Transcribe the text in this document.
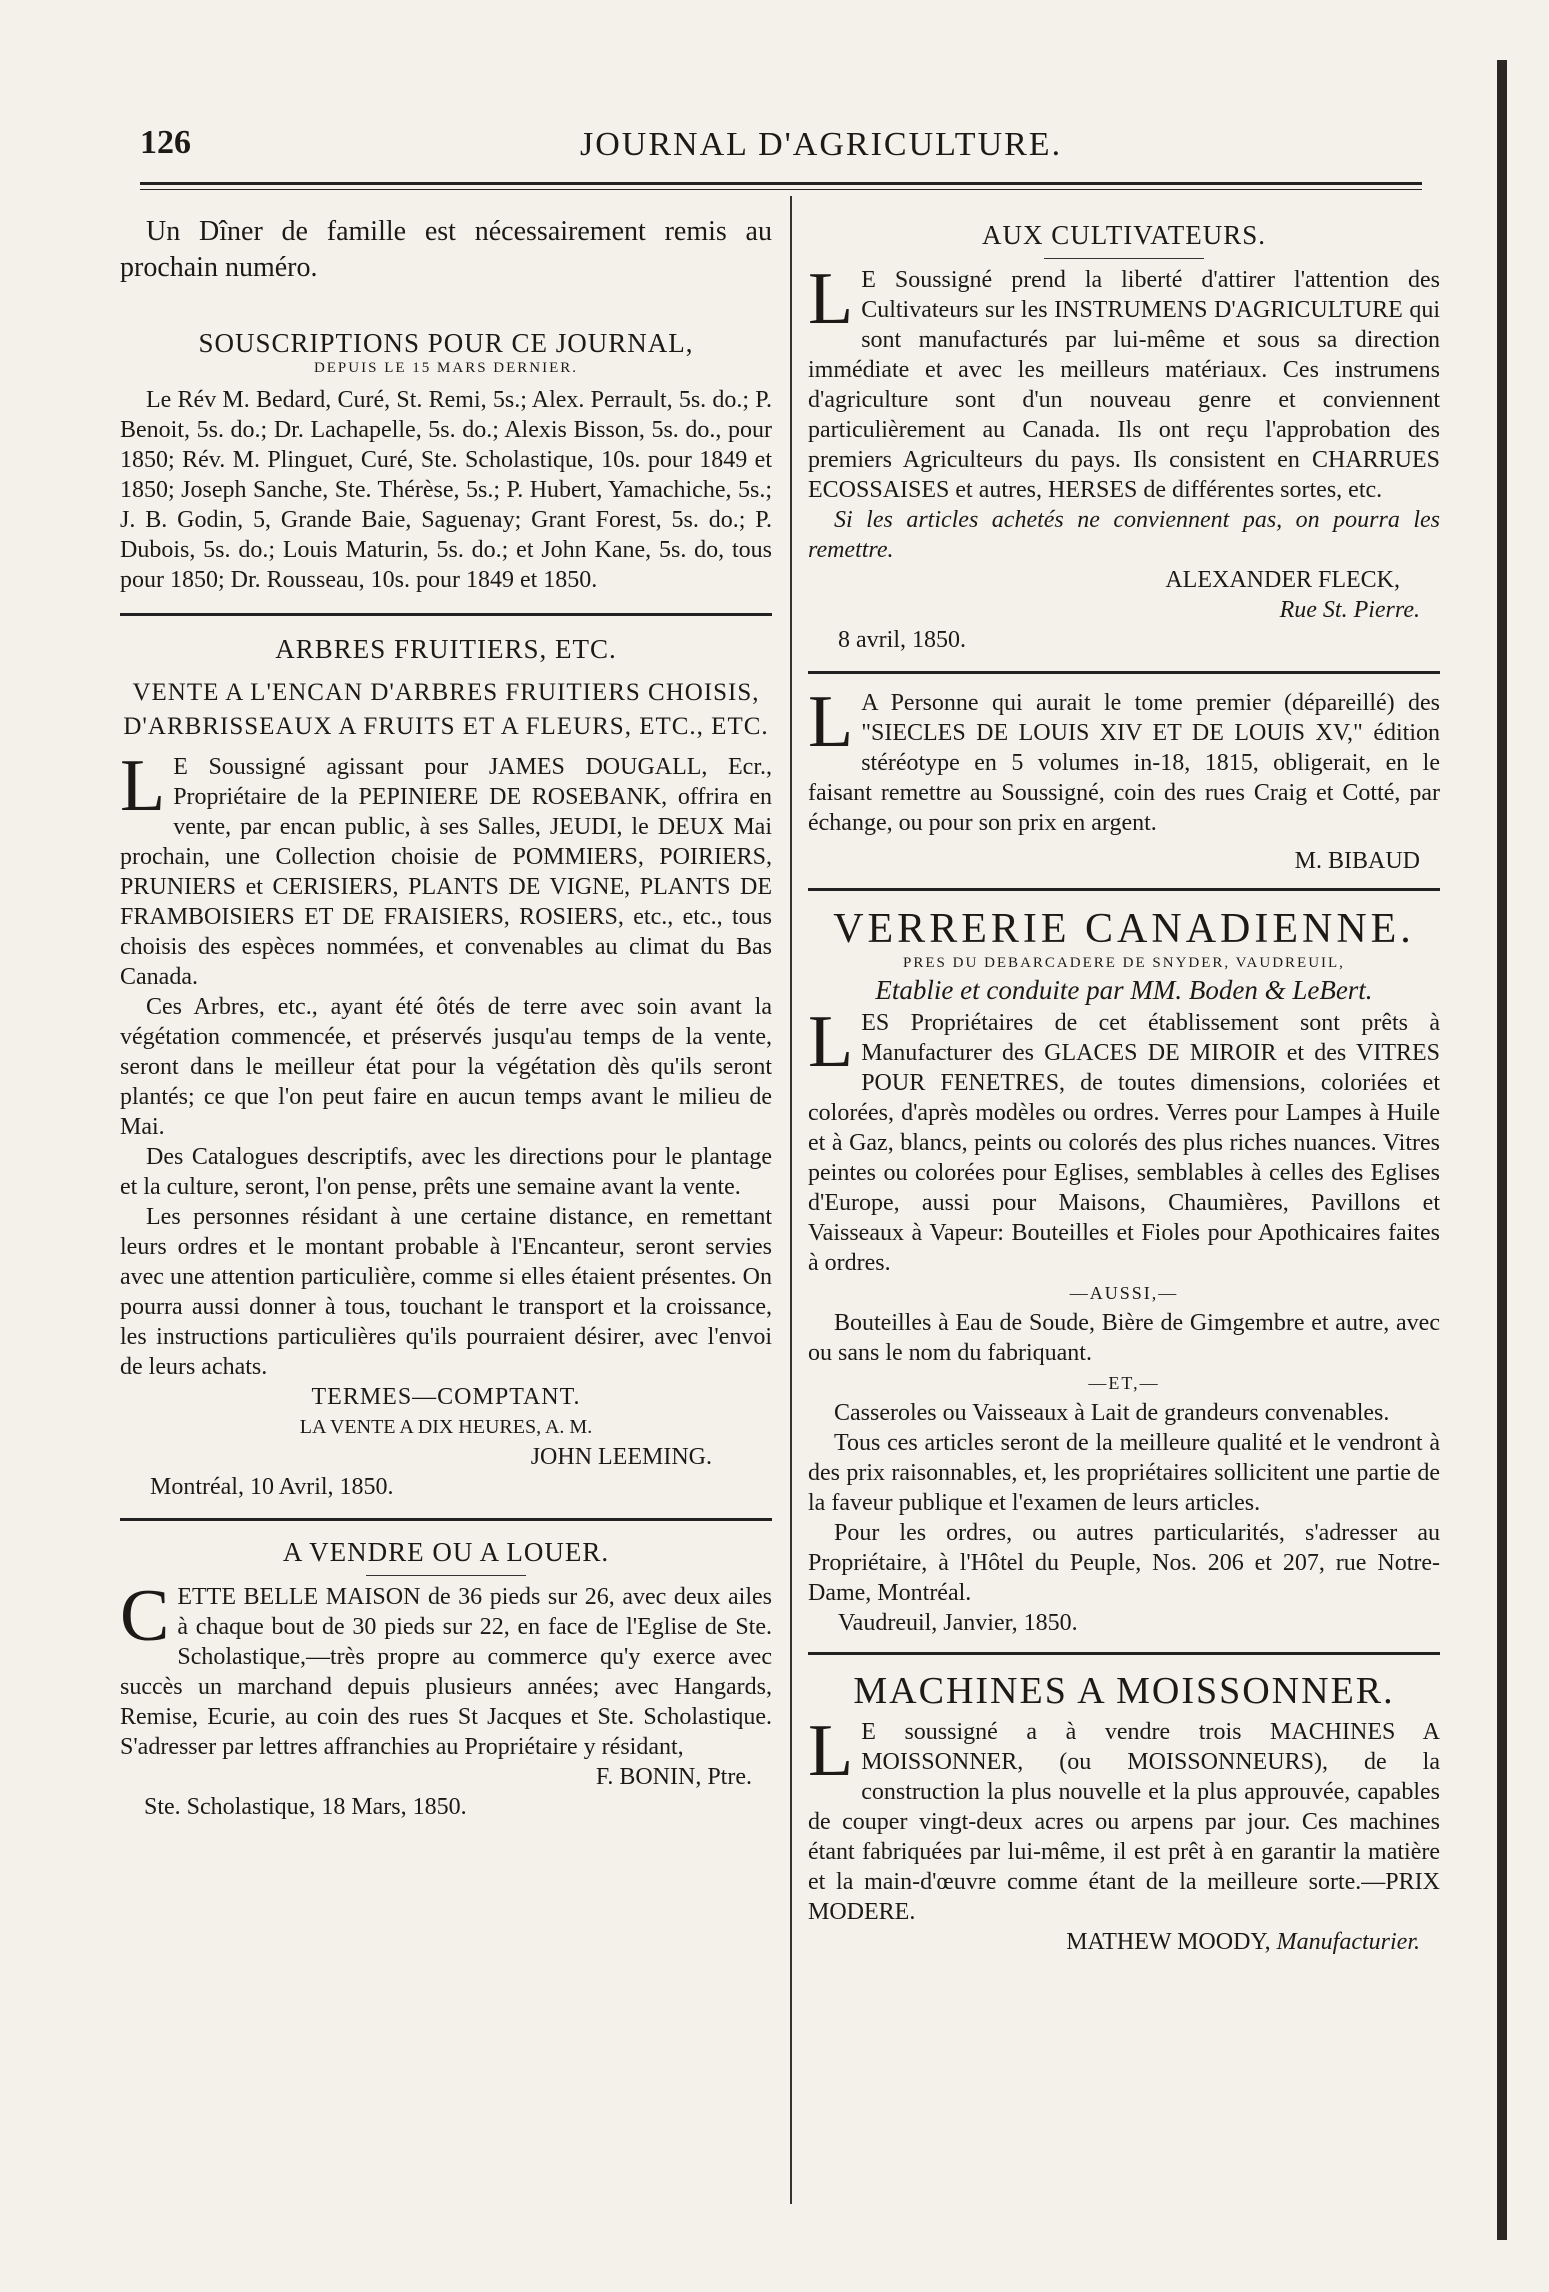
126	JOURNAL D'AGRICULTURE.

Un Dîner de famille est nécessairement remis au prochain numéro.

SOUSCRIPTIONS POUR CE JOURNAL,
DEPUIS LE 15 MARS DERNIER.

Le Rév M. Bedard, Curé, St. Remi, 5s.; Alex. Perrault, 5s. do.; P. Benoit, 5s. do.; Dr. Lachapelle, 5s. do.; Alexis Bisson, 5s. do., pour 1850; Rév. M. Plinguet, Curé, Ste. Scholastique, 10s. pour 1849 et 1850; Joseph Sanche, Ste. Thérèse, 5s.; P. Hubert, Yamachiche, 5s.; J. B. Godin, 5, Grande Baie, Saguenay; Grant Forest, 5s. do.; P. Dubois, 5s. do.; Louis Maturin, 5s. do.; et John Kane, 5s. do, tous pour 1850; Dr. Rousseau, 10s. pour 1849 et 1850.

ARBRES FRUITIERS, ETC.
VENTE A L'ENCAN D'ARBRES FRUITIERS CHOISIS, D'ARBRISSEAUX A FRUITS ET A FLEURS, ETC., ETC.

L E Soussigné agissant pour JAMES DOUGALL, Ecr., Propriétaire de la PEPINIERE DE ROSEBANK, offrira en vente, par encan public, à ses Salles, JEUDI, le DEUX Mai prochain, une Collection choisie de POMMIERS, POIRIERS, PRUNIERS et CERISIERS, PLANTS DE VIGNE, PLANTS DE FRAMBOISIERS ET DE FRAISIERS, ROSIERS, etc., etc., tous choisis des espèces nommées, et convenables au climat du Bas Canada.

Ces Arbres, etc., ayant été ôtés de terre avec soin avant la végétation commencée, et préservés jusqu'au temps de la vente, seront dans le meilleur état pour la végétation dès qu'ils seront plantés; ce que l'on peut faire en aucun temps avant le milieu de Mai.

Des Catalogues descriptifs, avec les directions pour le plantage et la culture, seront, l'on pense, prêts une semaine avant la vente.

Les personnes résidant à une certaine distance, en remettant leurs ordres et le montant probable à l'Encanteur, seront servies avec une attention particulière, comme si elles étaient présentes. On pourra aussi donner à tous, touchant le transport et la croissance, les instructions particulières qu'ils pourraient désirer, avec l'envoi de leurs achats.

TERMES—COMPTANT.

LA VENTE A DIX HEURES, A. M.

JOHN LEEMING.

Montréal, 10 Avril, 1850.

A VENDRE OU A LOUER.

CETTE BELLE MAISON de 36 pieds sur 26, avec deux ailes à chaque bout de 30 pieds sur 22, en face de l'Eglise de Ste. Scholastique,—très propre au commerce qu'y exerce avec succès un marchand depuis plusieurs années; avec Hangards, Remise, Ecurie, au coin des rues St Jacques et Ste. Scholastique. S'adresser par lettres affranchies au Propriétaire y résidant,

F. BONIN, Ptre.

Ste. Scholastique, 18 Mars, 1850.

AUX CULTIVATEURS.

L E Soussigné prend la liberté d'attirer l'attention des Cultivateurs sur les INSTRUMENS D'AGRICULTURE qui sont manufacturés par lui-même et sous sa direction immédiate et avec les meilleurs matériaux. Ces instrumens d'agriculture sont d'un nouveau genre et conviennent particulièrement au Canada. Ils ont reçu l'approbation des premiers Agriculteurs du pays. Ils consistent en CHARRUES ECOSSAISES et autres, HERSES de différentes sortes, etc.

Si les articles achetés ne conviennent pas, on pourra les remettre.

ALEXANDER FLECK,

Rue St. Pierre.

8 avril, 1850.

L A Personne qui aurait le tome premier (dépareillé) des "SIECLES DE LOUIS XIV ET DE LOUIS XV," édition stéréotype en 5 volumes in-18, 1815, obligerait, en le faisant remettre au Soussigné, coin des rues Craig et Cotté, par échange, ou pour son prix en argent.

M. BIBAUD

VERRERIE CANADIENNE.
PRES DU DEBARCADERE DE SNYDER, VAUDREUIL,
Etablie et conduite par MM. Boden & LeBert.

LES Propriétaires de cet établissement sont prêts à Manufacturer des GLACES DE MIROIR et des VITRES POUR FENETRES, de toutes dimensions, coloriées et colorées, d'après modèles ou ordres. Verres pour Lampes à Huile et à Gaz, blancs, peints ou colorés des plus riches nuances. Vitres peintes ou colorées pour Eglises, semblables à celles des Eglises d'Europe, aussi pour Maisons, Chaumières, Pavillons et Vaisseaux à Vapeur: Bouteilles et Fioles pour Apothicaires faites à ordres.

—AUSSI,—

Bouteilles à Eau de Soude, Bière de Gimgembre et autre, avec ou sans le nom du fabriquant.

—ET,—

Casseroles ou Vaisseaux à Lait de grandeurs convenables.

Tous ces articles seront de la meilleure qualité et le vendront à des prix raisonnables, et, les propriétaires sollicitent une partie de la faveur publique et l'examen de leurs articles.

Pour les ordres, ou autres particularités, s'adresser au Propriétaire, à l'Hôtel du Peuple, Nos. 206 et 207, rue Notre-Dame, Montréal.

Vaudreuil, Janvier, 1850.

MACHINES A MOISSONNER.

L E soussigné a à vendre trois MACHINES A MOISSONNER, (ou MOISSONNEURS), de la construction la plus nouvelle et la plus approuvée, capables de couper vingt-deux acres ou arpens par jour. Ces machines étant fabriquées par lui-même, il est prêt à en garantir la matière et la main-d'œuvre comme étant de la meilleure sorte.—PRIX MODERE.

MATHEW MOODY, Manufacturier.
